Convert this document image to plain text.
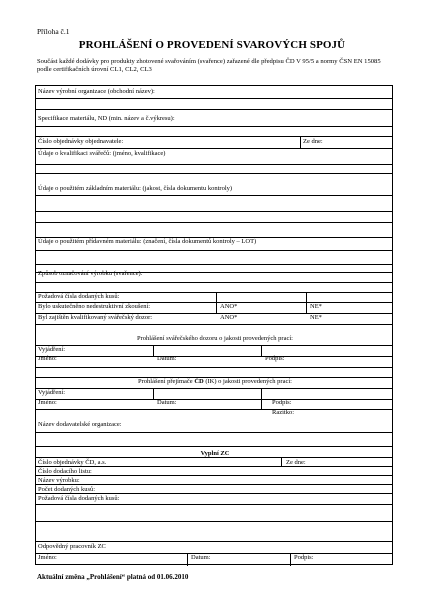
Příloha č.1
PROHLÁŠENÍ O PROVEDENÍ SVAROVÝCH SPOJŮ
Součást každé dodávky pro produkty zhotovené svařováním (svařence) zařazené dle předpisu ČD V 95/5 a normy ČSN EN 15085 podle certifikačních úrovní CL1, CL2, CL3
Název výrobní organizace (obchodní název):
Specifikace materiálu, ND (min. název a č.výkresu):
Číslo objednávky objednavatele:	Ze dne:
Údaje o kvalifikaci svářečů: (jméno, kvalifikace)
Údaje o použitém základním materiálu: (jakost, čísla dokumentu kontroly)
Údaje o použitém přídavném materiálu: (značení, čísla dokumentů kontroly – LOT)
Způsob označování výrobku (svařence):
Požadová čísla dodaných kusů:
Bylo uskutečněno nedestruktivní zkoušení:	ANO*	NE*
Byl zajištěn kvalifikovaný svářečský dozor:	ANO*	NE*
Prohlášení svářečského dozoru o jakosti provedených prací:
Vyjádření:
Jméno:	Datum:	Podpis:
Prohlášení přejímače ČD (IK) o jakosti provedených prací:
Vyjádření:
Jméno:	Datum:	Podpis:
Razítko:
Název dodavatelské organizace:
Vyplní ZC
Číslo objednávky ČD, a.s.	Ze dne:
Číslo dodacího listu:
Název výrobku:
Počet dodaných kusů:
Požadová čísla dodaných kusů:
Odpovědný pracovník ZC
Jméno:	Datum:	Podpis:
Aktuální změna „Prohlášení“ platná od 01.06.2010
